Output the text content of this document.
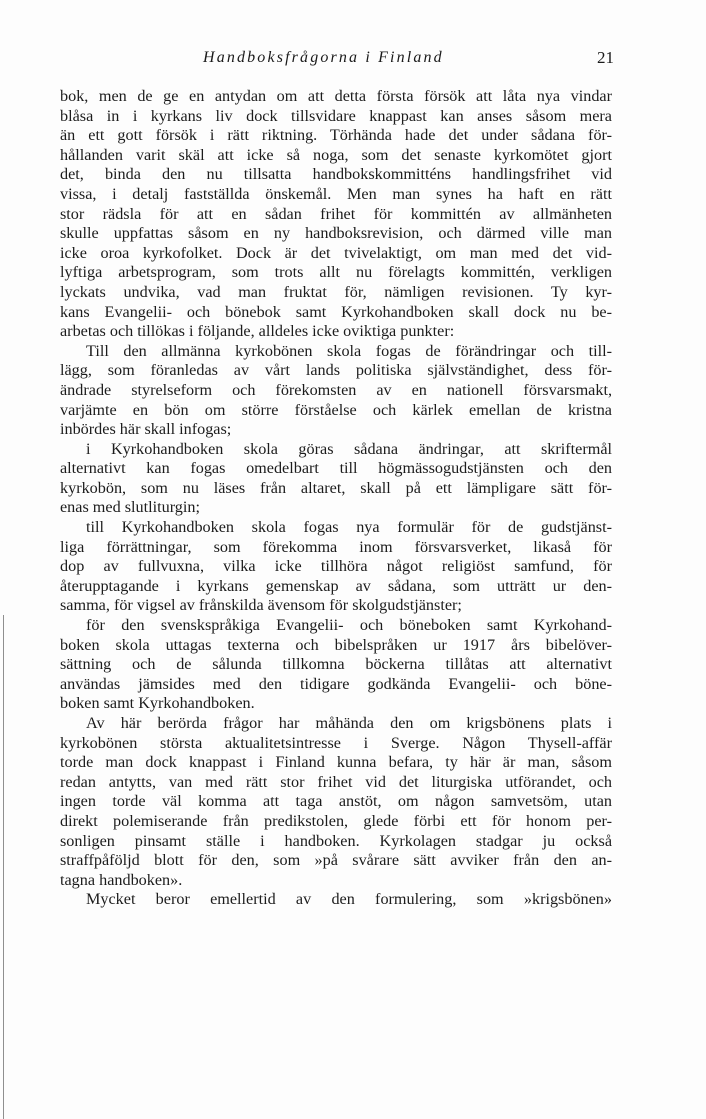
Handboksfrågorna i Finland	21
bok, men de ge en antydan om att detta första försök att låta nya vindar
blåsa in i kyrkans liv dock tillsvidare knappast kan anses såsom mera
än ett gott försök i rätt riktning. Törhända hade det under sådana för-
hållanden varit skäl att icke så noga, som det senaste kyrkomötet gjort
det, binda den nu tillsatta handbokskommitténs handlingsfrihet vid
vissa, i detalj fastställda önskemål. Men man synes ha haft en rätt
stor rädsla för att en sådan frihet för kommittén av allmänheten
skulle uppfattas såsom en ny handboksrevision, och därmed ville man
icke oroa kyrkofolket. Dock är det tvivelaktigt, om man med det vid-
lyftiga arbetsprogram, som trots allt nu förelagts kommittén, verkligen
lyckats undvika, vad man fruktat för, nämligen revisionen. Ty kyr-
kans Evangelii- och bönebok samt Kyrkohandboken skall dock nu be-
arbetas och tillökas i följande, alldeles icke oviktiga punkter:
Till den allmänna kyrkobönen skola fogas de förändringar och till-
lägg, som föranledas av vårt lands politiska självständighet, dess för-
ändrade styrelseform och förekomsten av en nationell försvarsmakt,
varjämte en bön om större förståelse och kärlek emellan de kristna
inbördes här skall infogas;
i Kyrkohandboken skola göras sådana ändringar, att skriftermål
alternativt kan fogas omedelbart till högmässogudstjänsten och den
kyrkobön, som nu läses från altaret, skall på ett lämpligare sätt för-
enas med slutliturgin;
till Kyrkohandboken skola fogas nya formulär för de gudstjänst-
liga förrättningar, som förekomma inom försvarsverket, likaså för
dop av fullvuxna, vilka icke tillhöra något religiöst samfund, för
återupptagande i kyrkans gemenskap av sådana, som utträtt ur den-
samma, för vigsel av frånskilda ävensom för skolgudstjänster;
för den svenskspråkiga Evangelii- och böneboken samt Kyrkohand-
boken skola uttagas texterna och bibelspråken ur 1917 års bibelöver-
sättning och de sålunda tillkomna böckerna tillåtas att alternativt
användas jämsides med den tidigare godkända Evangelii- och böne-
boken samt Kyrkohandboken.
Av här berörda frågor har måhända den om krigsbönens plats i
kyrkobönen största aktualitetsintresse i Sverge. Någon Thysell-affär
torde man dock knappast i Finland kunna befara, ty här är man, såsom
redan antytts, van med rätt stor frihet vid det liturgiska utförandet, och
ingen torde väl komma att taga anstöt, om någon samvetsöm, utan
direkt polemiserande från predikstolen, glede förbi ett för honom per-
sonligen pinsamt ställe i handboken. Kyrkolagen stadgar ju också
straffpåföljd blott för den, som »på svårare sätt avviker från den an-
tagna handboken».
Mycket beror emellertid av den formulering, som »krigsbönen»
